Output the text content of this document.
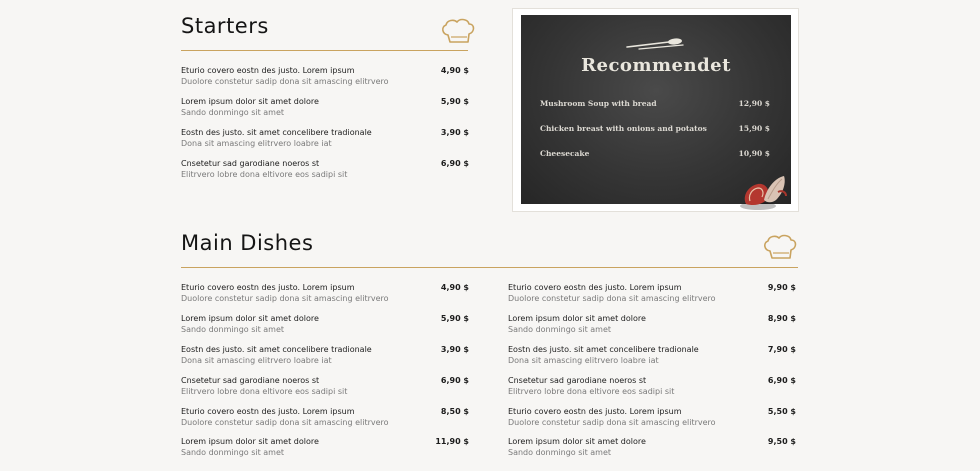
Starters
Eturio covero eostn des justo. Lorem ipsum
Duolore constetur sadip dona sit amascing elitrvero
4,90 $
Lorem ipsum dolor sit amet dolore
Sando donmingo sit amet
5,90 $
Eostn des justo. sit amet concelibere tradionale
Dona sit amascing elitrvero loabre iat
3,90 $
Cnsetetur sad garodiane noeros st
Elitrvero lobre dona eltivore eos sadipi sit
6,90 $
Recommendet
Mushroom Soup with bread	12,90 $
Chicken breast with onions and potatos	15,90 $
Cheesecake	10,90 $
Main Dishes
Eturio covero eostn des justo. Lorem ipsum
Duolore constetur sadip dona sit amascing elitrvero
4,90 $
Lorem ipsum dolor sit amet dolore
Sando donmingo sit amet
5,90 $
Eostn des justo. sit amet concelibere tradionale
Dona sit amascing elitrvero loabre iat
3,90 $
Cnsetetur sad garodiane noeros st
Elitrvero lobre dona eltivore eos sadipi sit
6,90 $
Eturio covero eostn des justo. Lorem ipsum
Duolore constetur sadip dona sit amascing elitrvero
8,50 $
Lorem ipsum dolor sit amet dolore
Sando donmingo sit amet
11,90 $
Eturio covero eostn des justo. Lorem ipsum
Duolore constetur sadip dona sit amascing elitrvero
9,90 $
Lorem ipsum dolor sit amet dolore
Sando donmingo sit amet
8,90 $
Eostn des justo. sit amet concelibere tradionale
Dona sit amascing elitrvero loabre iat
7,90 $
Cnsetetur sad garodiane noeros st
Elitrvero lobre dona eltivore eos sadipi sit
6,90 $
Eturio covero eostn des justo. Lorem ipsum
Duolore constetur sadip dona sit amascing elitrvero
5,50 $
Lorem ipsum dolor sit amet dolore
Sando donmingo sit amet
9,50 $
